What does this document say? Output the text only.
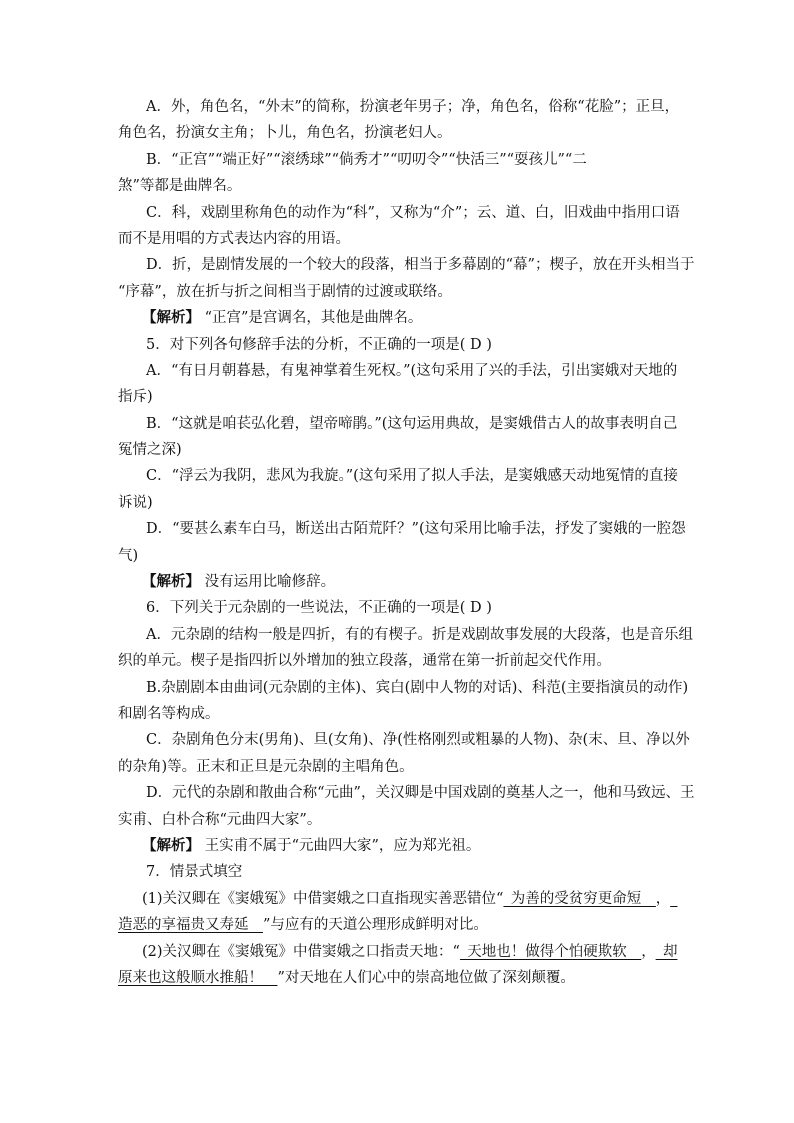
A．外，角色名，“外末”的简称，扮演老年男子；净，角色名，俗称“花脸”；正旦，
角色名，扮演女主角；卜儿，角色名，扮演老妇人。
B．“正宫”“端正好”“滚绣球”“倘秀才”“叨叨令”“快活三”“耍孩儿”“二
煞”等都是曲牌名。
C．科，戏剧里称角色的动作为“科”，又称为“介”；云、道、白，旧戏曲中指用口语
而不是用唱的方式表达内容的用语。
D．折，是剧情发展的一个较大的段落，相当于多幕剧的“幕”；楔子，放在开头相当于
“序幕”，放在折与折之间相当于剧情的过渡或联络。
【解析】 “正宫”是宫调名，其他是曲牌名。
5．对下列各句修辞手法的分析，不正确的一项是( D )
A．“有日月朝暮悬，有鬼神掌着生死权。”(这句采用了兴的手法，引出窦娥对天地的
指斥)
B．“这就是咱苌弘化碧，望帝啼鹃。”(这句运用典故，是窦娥借古人的故事表明自己
冤情之深)
C．“浮云为我阴，悲风为我旋。”(这句采用了拟人手法，是窦娥感天动地冤情的直接
诉说)
D．“要甚么素车白马，断送出古陌荒阡？”(这句采用比喻手法，抒发了窦娥的一腔怨
气)
【解析】 没有运用比喻修辞。
6．下列关于元杂剧的一些说法，不正确的一项是( D )
A．元杂剧的结构一般是四折，有的有楔子。折是戏剧故事发展的大段落，也是音乐组
织的单元。楔子是指四折以外增加的独立段落，通常在第一折前起交代作用。
B.杂剧剧本由曲词(元杂剧的主体)、宾白(剧中人物的对话)、科范(主要指演员的动作)
和剧名等构成。
C．杂剧角色分末(男角)、旦(女角)、净(性格刚烈或粗暴的人物)、杂(末、旦、净以外
的杂角)等。正末和正旦是元杂剧的主唱角色。
D．元代的杂剧和散曲合称“元曲”，关汉卿是中国戏剧的奠基人之一，他和马致远、王
实甫、白朴合称“元曲四大家”。
【解析】 王实甫不属于“元曲四大家”，应为郑光祖。
7．情景式填空
(1)关汉卿在《窦娥冤》中借窦娥之口直指现实善恶错位“_为善的受贫穷更命短__，_
造恶的享福贵又寿延__”与应有的天道公理形成鲜明对比。
(2)关汉卿在《窦娥冤》中借窦娥之口指责天地：“_天地也！做得个怕硬欺软__，_却
原来也这般顺水推船！__”对天地在人们心中的崇高地位做了深刻颠覆。
